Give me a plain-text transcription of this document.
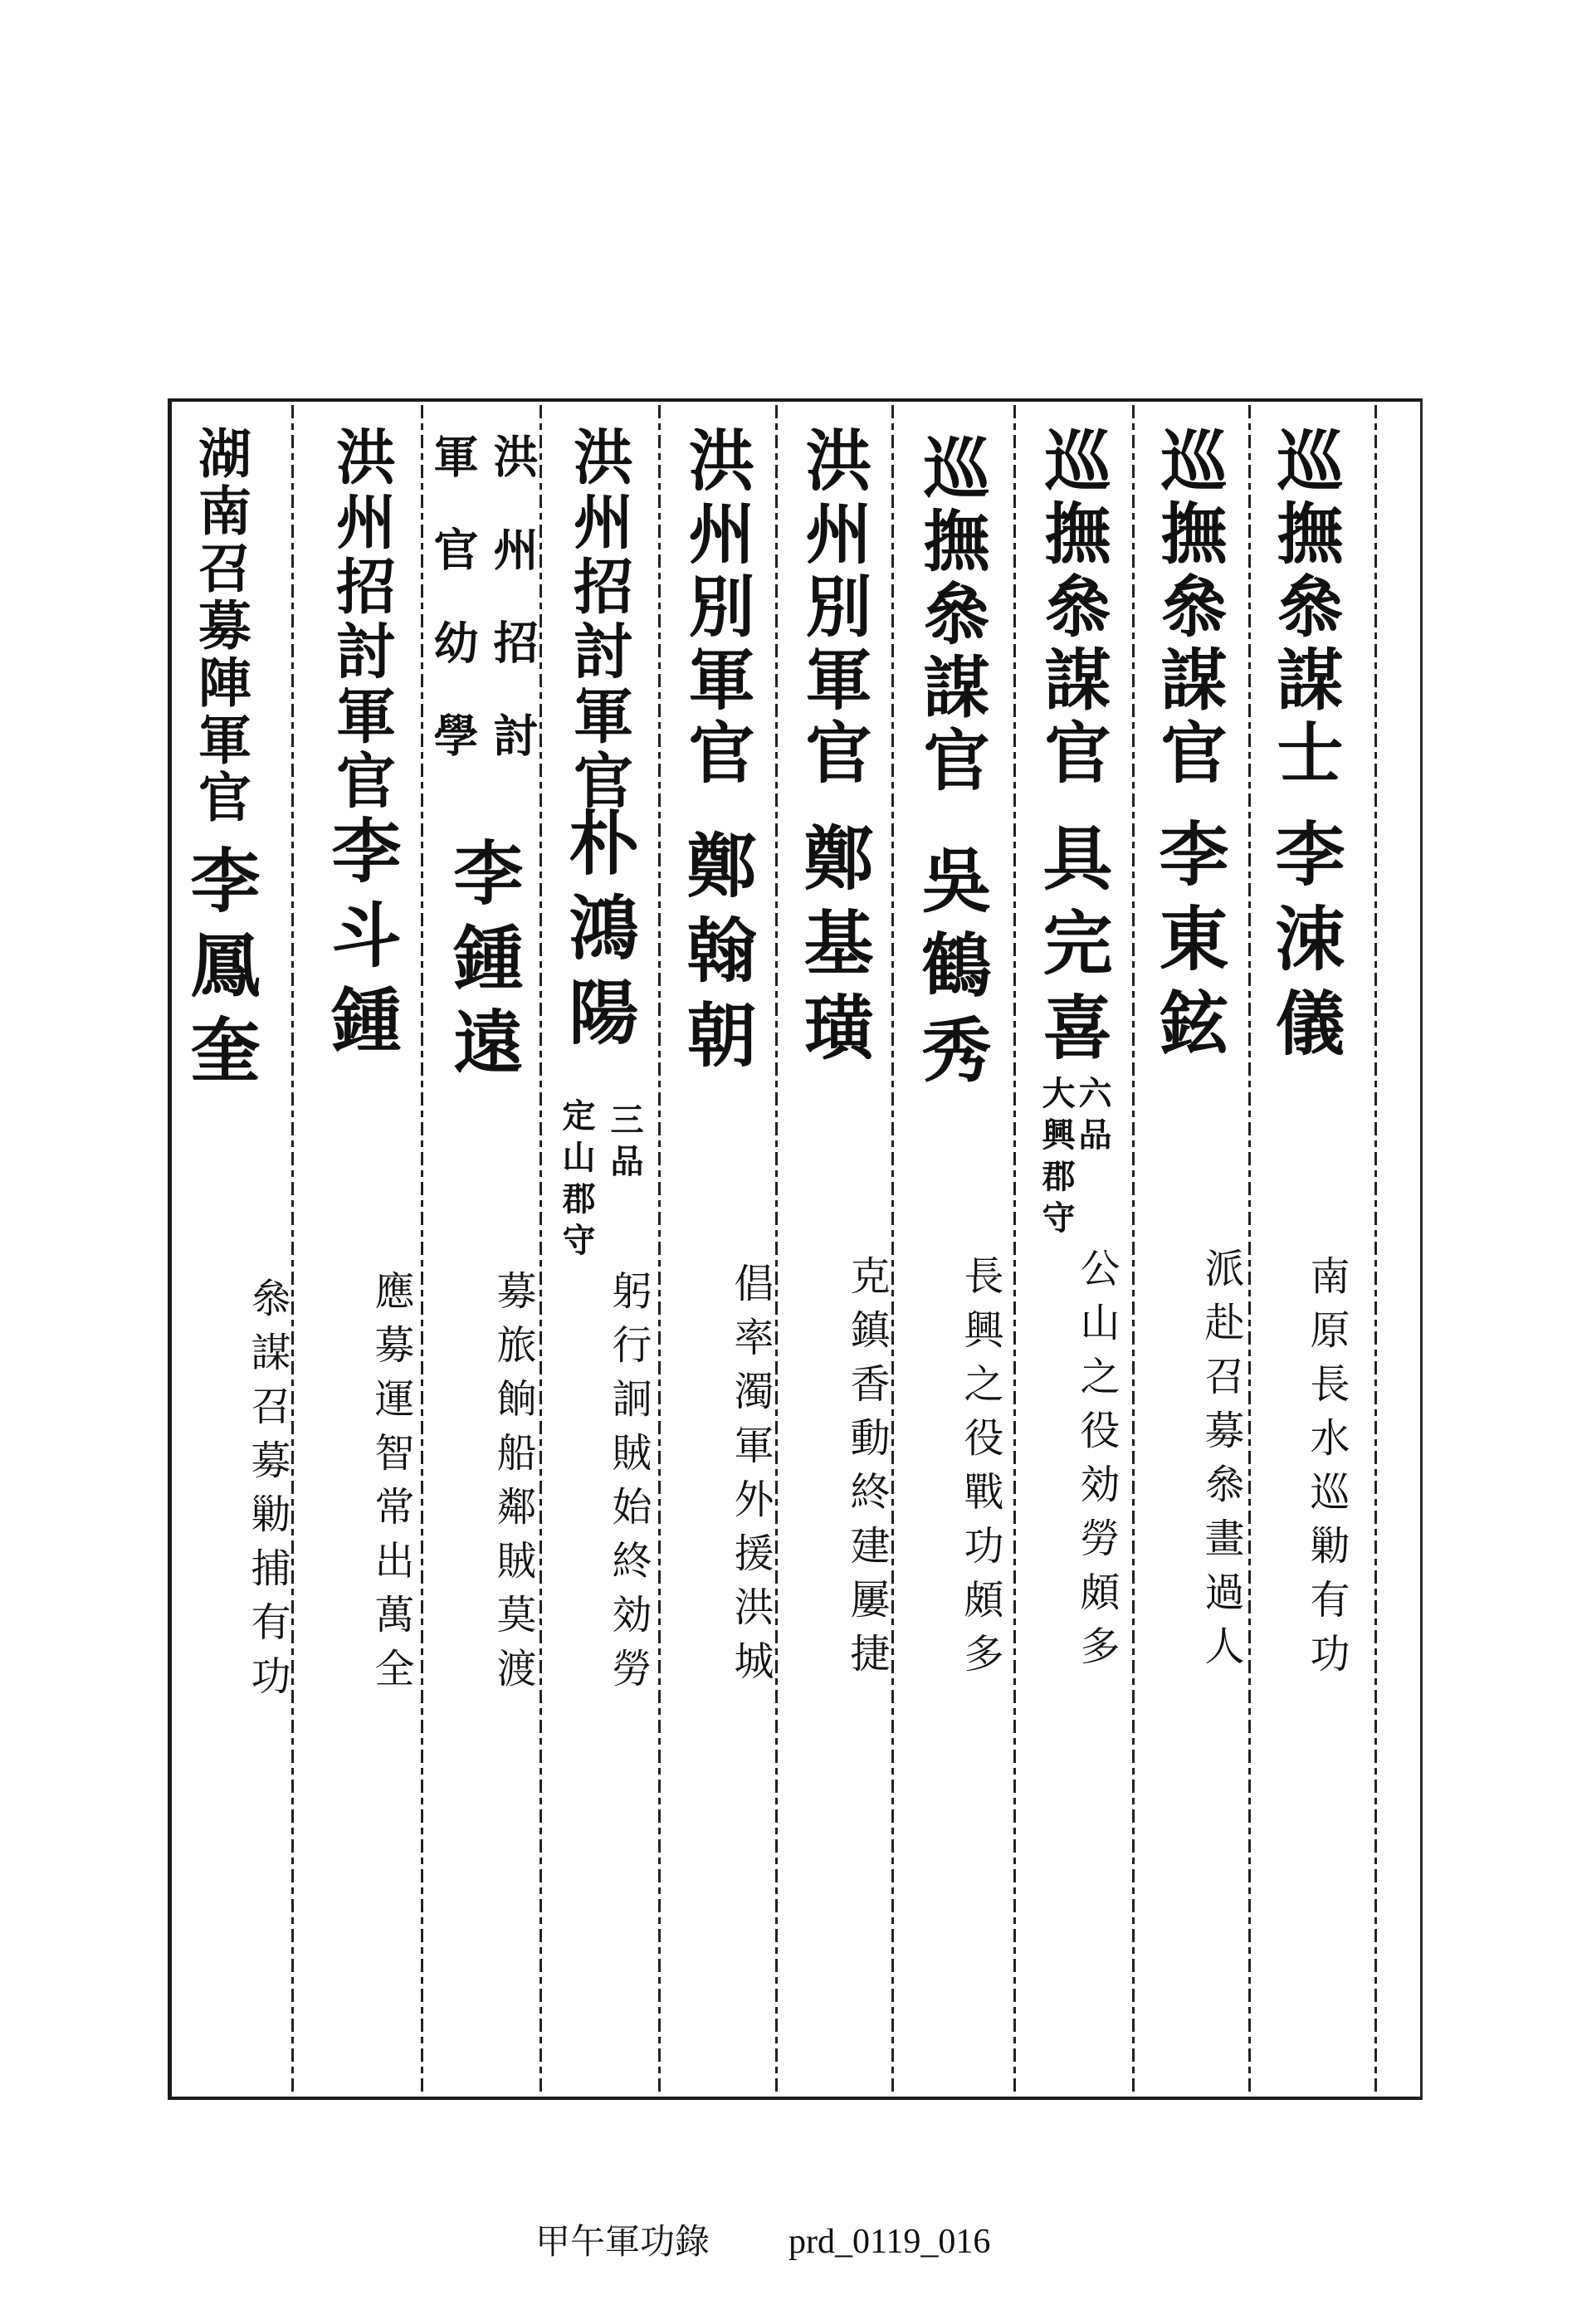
巡撫叅謀士
李涑儀
南原長水巡勦有功
巡撫叅謀官
李東鉉
派赴召募叅畫過人
巡撫叅謀官
具完喜
六品
大興郡守
公山之役効勞頗多
巡撫叅謀官
吳鶴秀
長興之役戰功頗多
洪州別軍官
鄭基璜
克鎮香動終建屢捷
洪州別軍官
鄭翰朝
倡率濁軍外援洪城
洪州招討軍官
朴鴻陽
三品
定山郡守
躬行詗賊始終効勞
洪州招討
軍官幼學
李鍾遠
募旅餉船鄰賊莫渡
洪州招討軍官
李斗鍾
應募運智常出萬全
湖南召募陣軍官
李鳳奎
叅謀召募勦捕有功
甲午軍功錄 prd_0119_016
